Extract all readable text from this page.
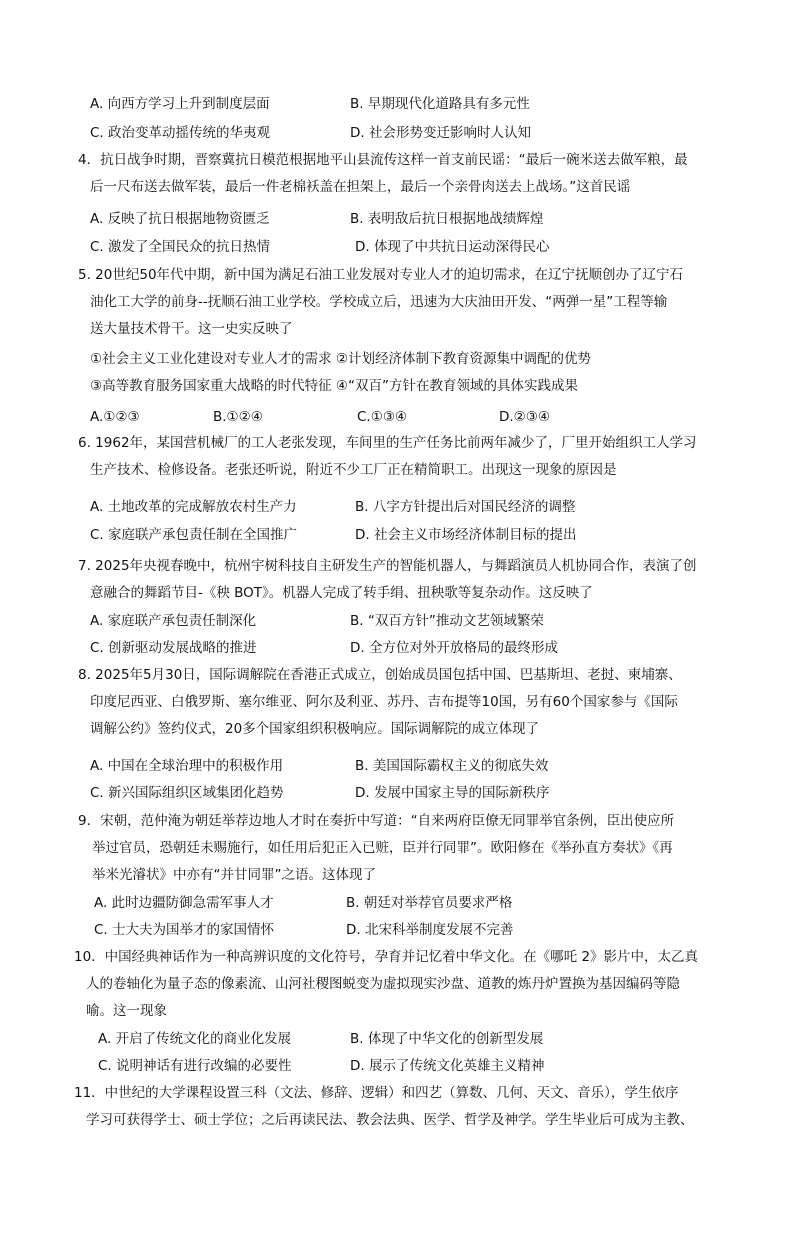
A. 向西方学习上升到制度层面	B. 早期现代化道路具有多元性
C. 政治变革动摇传统的华夷观	D. 社会形势变迁影响时人认知
4．抗日战争时期，晋察冀抗日模范根据地平山县流传这样一首支前民谣：“最后一碗米送去做军粮，最
后一尺布送去做军装，最后一件老棉袄盖在担架上，最后一个亲骨肉送去上战场。”这首民谣
A. 反映了抗日根据地物资匮乏	B. 表明敌后抗日根据地战绩辉煌
C. 激发了全国民众的抗日热情	D. 体现了中共抗日运动深得民心
5. 20世纪50年代中期，新中国为满足石油工业发展对专业人才的迫切需求，在辽宁抚顺创办了辽宁石
油化工大学的前身--抚顺石油工业学校。学校成立后，迅速为大庆油田开发、“两弹一星”工程等输
送大量技术骨干。这一史实反映了
①社会主义工业化建设对专业人才的需求 ②计划经济体制下教育资源集中调配的优势
③高等教育服务国家重大战略的时代特征 ④“双百”方针在教育领域的具体实践成果
A.①②③	B.①②④	C.①③④	D.②③④
6. 1962年，某国营机械厂的工人老张发现，车间里的生产任务比前两年减少了，厂里开始组织工人学习
生产技术、检修设备。老张还听说，附近不少工厂正在精简职工。出现这一现象的原因是
A. 土地改革的完成解放农村生产力	B. 八字方针提出后对国民经济的调整
C. 家庭联产承包责任制在全国推广	D. 社会主义市场经济体制目标的提出
7. 2025年央视春晚中，杭州宇树科技自主研发生产的智能机器人，与舞蹈演员人机协同合作，表演了创
意融合的舞蹈节目-《秧 BOT》。机器人完成了转手绢、扭秧歌等复杂动作。这反映了
A. 家庭联产承包责任制深化	B. “双百方针”推动文艺领域繁荣
C. 创新驱动发展战略的推进	D. 全方位对外开放格局的最终形成
8. 2025年5月30日，国际调解院在香港正式成立，创始成员国包括中国、巴基斯坦、老挝、柬埔寨、
印度尼西亚、白俄罗斯、塞尔维亚、阿尔及利亚、苏丹、吉布提等10国，另有60个国家参与《国际
调解公约》签约仪式，20多个国家组织积极响应。国际调解院的成立体现了
A. 中国在全球治理中的积极作用	B. 美国国际霸权主义的彻底失效
C. 新兴国际组织区域集团化趋势	D. 发展中国家主导的国际新秩序
9．宋朝，范仲淹为朝廷举荐边地人才时在奏折中写道：“自来两府臣僚无同罪举官条例，臣出使应所
举过官员，恐朝廷未赐施行，如任用后犯正入已赃，臣并行同罪”。欧阳修在《举孙直方奏状》《再
举米光濬状》中亦有“并甘同罪”之语。这体现了
A. 此时边疆防御急需军事人才	B. 朝廷对举荐官员要求严格
C. 士大夫为国举才的家国情怀	D. 北宋科举制度发展不完善
10．中国经典神话作为一种高辨识度的文化符号，孕育并记忆着中华文化。在《哪吒 2》影片中，太乙真
人的卷轴化为量子态的像素流、山河社稷图蜕变为虚拟现实沙盘、道教的炼丹炉置换为基因编码等隐
喻。这一现象
A. 开启了传统文化的商业化发展	B. 体现了中华文化的创新型发展
C. 说明神话有进行改编的必要性	D. 展示了传统文化英雄主义精神
11．中世纪的大学课程设置三科（文法、修辞、逻辑）和四艺（算数、几何、天文、音乐），学生依序
学习可获得学士、硕士学位；之后再读民法、教会法典、医学、哲学及神学。学生毕业后可成为主教、
